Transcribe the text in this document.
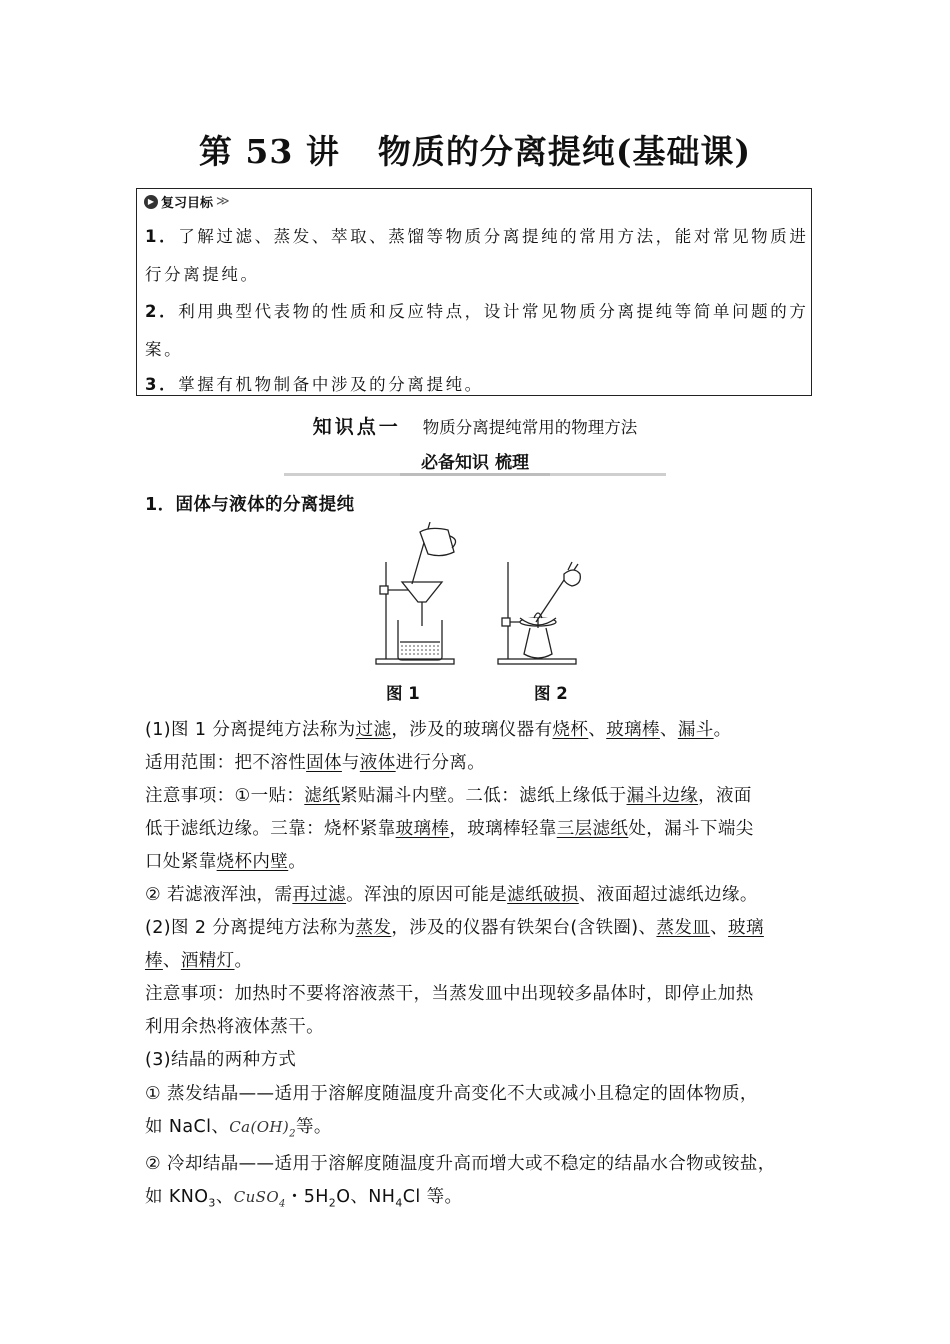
第 53 讲 物质的分离提纯(基础课)
▶ 复习目标 ≫
1．了解过滤、蒸发、萃取、蒸馏等物质分离提纯的常用方法，能对常见物质进
行分离提纯。
2．利用典型代表物的性质和反应特点，设计常见物质分离提纯等简单问题的方
案。
3．掌握有机物制备中涉及的分离提纯。
知识点一 物质分离提纯常用的物理方法
必备知识 梳理
1．固体与液体的分离提纯
图 1	图 2
(1)图 1 分离提纯方法称为过滤，涉及的玻璃仪器有烧杯、玻璃棒、漏斗。
适用范围：把不溶性固体与液体进行分离。
注意事项：①一贴：滤纸紧贴漏斗内壁。二低：滤纸上缘低于漏斗边缘，液面
低于滤纸边缘。三靠：烧杯紧靠玻璃棒，玻璃棒轻靠三层滤纸处，漏斗下端尖
口处紧靠烧杯内壁。
② 若滤液浑浊，需再过滤。浑浊的原因可能是滤纸破损、液面超过滤纸边缘。
(2)图 2 分离提纯方法称为蒸发，涉及的仪器有铁架台(含铁圈)、蒸发皿、玻璃
棒、酒精灯。
注意事项：加热时不要将溶液蒸干，当蒸发皿中出现较多晶体时，即停止加热
利用余热将液体蒸干。
(3)结晶的两种方式
① 蒸发结晶——适用于溶解度随温度升高变化不大或减小且稳定的固体物质，
如 NaCl、$Ca(OH)_2$等。
② 冷却结晶——适用于溶解度随温度升高而增大或不稳定的结晶水合物或铵盐，
如 $KNO_3$、CuSO$_4$・$5H_2O$、$NH_4Cl$ 等。
